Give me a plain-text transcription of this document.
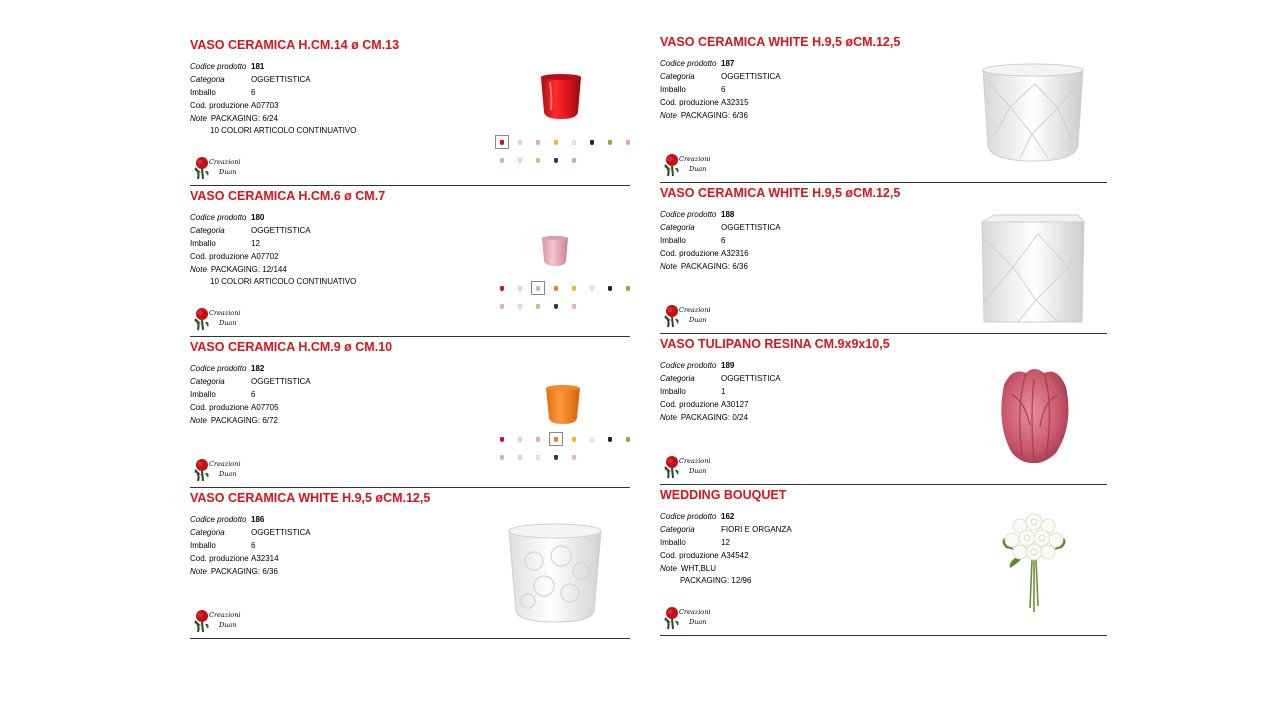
VASO CERAMICA H.CM.14 ø CM.13
Codice prodotto 181
Categoria	OGGETTISTICA
Imballo	6
Cod. produzione A07703
Note PACKAGING: 6/24
10 COLORI ARTICOLO CONTINUATIVO
Creazioni
Duan
VASO CERAMICA H.CM.6 ø CM.7
Codice prodotto 180
Categoria	OGGETTISTICA
Imballo	12
Cod. produzione A07702
Note PACKAGING: 12/144
10 COLORI ARTICOLO CONTINUATIVO
Creazioni
Duan
VASO CERAMICA H.CM.9 ø CM.10
Codice prodotto 182
Categoria	OGGETTISTICA
Imballo	6
Cod. produzione A07705
Note PACKAGING: 6/72
Creazioni
Duan
VASO CERAMICA WHITE H.9,5 øCM.12,5
Codice prodotto 186
Categoria	OGGETTISTICA
Imballo	6
Cod. produzione A32314
Note PACKAGING: 6/36
Creazioni
Duan
VASO CERAMICA WHITE H.9,5 øCM.12,5
Codice prodotto 187
Categoria	OGGETTISTICA
Imballo	6
Cod. produzione A32315
Note PACKAGING: 6/36
Creazioni
Duan
VASO CERAMICA WHITE H.9,5 øCM.12,5
Codice prodotto 188
Categoria	OGGETTISTICA
Imballo	6
Cod. produzione A32316
Note PACKAGING: 6/36
Creazioni
Duan
VASO TULIPANO RESINA CM.9x9x10,5
Codice prodotto 189
Categoria	OGGETTISTICA
Imballo	1
Cod. produzione A30127
Note PACKAGING: 0/24
Creazioni
Duan
WEDDING BOUQUET
Codice prodotto 162
Categoria	FIORI E ORGANZA
Imballo	12
Cod. produzione A34542
Note WHT,BLU
PACKAGING: 12/96
Creazioni
Duan
